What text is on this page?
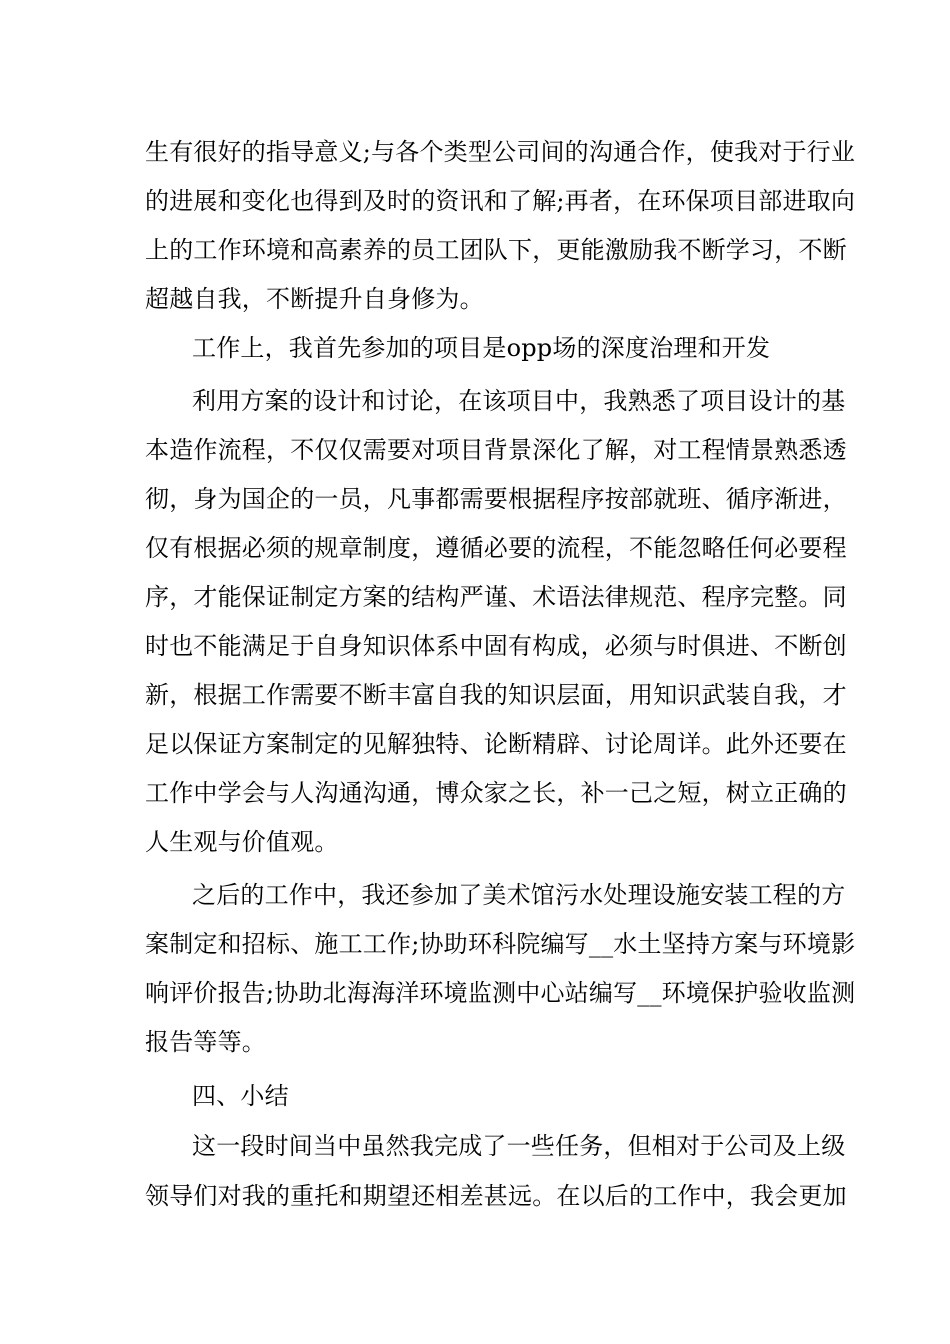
生有很好的指导意义;与各个类型公司间的沟通合作，使我对于行业
的进展和变化也得到及时的资讯和了解;再者，在环保项目部进取向
上的工作环境和高素养的员工团队下，更能激励我不断学习，不断
超越自我，不断提升自身修为。
工作上，我首先参加的项目是opp场的深度治理和开发
利用方案的设计和讨论，在该项目中，我熟悉了项目设计的基
本造作流程，不仅仅需要对项目背景深化了解，对工程情景熟悉透
彻，身为国企的一员，凡事都需要根据程序按部就班、循序渐进，
仅有根据必须的规章制度，遵循必要的流程，不能忽略任何必要程
序，才能保证制定方案的结构严谨、术语法律规范、程序完整。同
时也不能满足于自身知识体系中固有构成，必须与时俱进、不断创
新，根据工作需要不断丰富自我的知识层面，用知识武装自我，才
足以保证方案制定的见解独特、论断精辟、讨论周详。此外还要在
工作中学会与人沟通沟通，博众家之长，补一己之短，树立正确的
人生观与价值观。
之后的工作中，我还参加了美术馆污水处理设施安装工程的方
案制定和招标、施工工作;协助环科院编写__水土坚持方案与环境影
响评价报告;协助北海海洋环境监测中心站编写__环境保护验收监测
报告等等。
四、小结
这一段时间当中虽然我完成了一些任务，但相对于公司及上级
领导们对我的重托和期望还相差甚远。在以后的工作中，我会更加
